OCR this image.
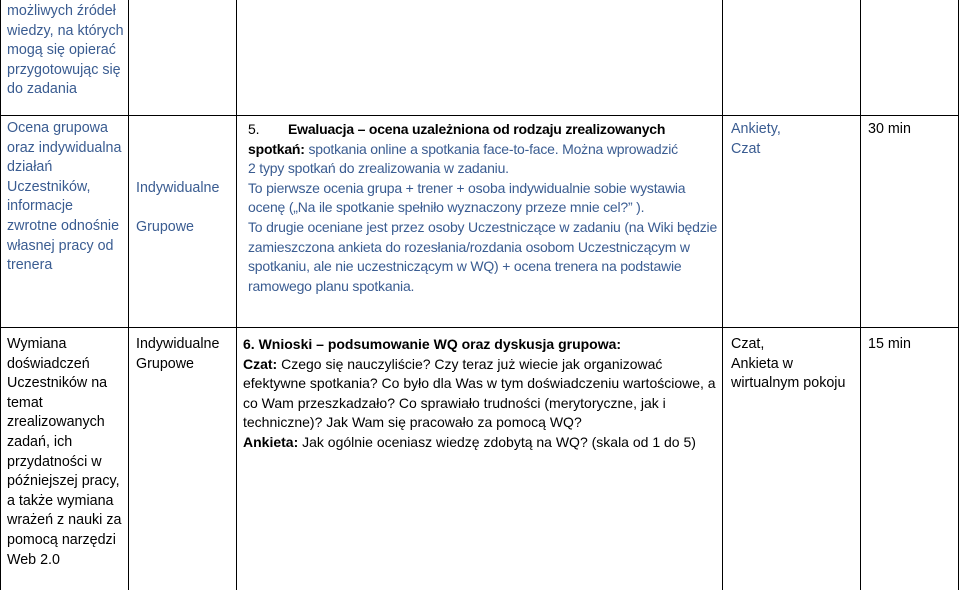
możliwych źródeł wiedzy, na których mogą się opierać przygotowując się do zadania
Ocena grupowa oraz indywidualna działań Uczestników, informacje zwrotne odnośnie własnej pracy od trenera
Indywidualne
Grupowe
5. Ewaluacja – ocena uzależniona od rodzaju zrealizowanych
spotkań: spotkania online a spotkania face-to-face. Można wprowadzić
2 typy spotkań do zrealizowania w zadaniu.
To pierwsze ocenia grupa + trener + osoba indywidualnie sobie wystawia ocenę („Na ile spotkanie spełniło wyznaczony przeze mnie cel?” ).
To drugie oceniane jest przez osoby Uczestniczące w zadaniu (na Wiki będzie zamieszczona ankieta do rozesłania/rozdania osobom Uczestniczącym w spotkaniu, ale nie uczestniczącym w WQ) + ocena trenera na podstawie ramowego planu spotkania.
Ankiety,
Czat
30 min
Wymiana doświadczeń Uczestników na temat zrealizowanych zadań, ich przydatności w późniejszej pracy, a także wymiana wrażeń z nauki za pomocą narzędzi Web 2.0
Indywidualne
Grupowe
6. Wnioski – podsumowanie WQ oraz dyskusja grupowa:
Czat: Czego się nauczyliście? Czy teraz już wiecie jak organizować efektywne spotkania? Co było dla Was w tym doświadczeniu wartościowe, a co Wam przeszkadzało? Co sprawiało trudności (merytoryczne, jak i techniczne)? Jak Wam się pracowało za pomocą WQ?
Ankieta: Jak ogólnie oceniasz wiedzę zdobytą na WQ? (skala od 1 do 5)
Czat,
Ankieta w wirtualnym pokoju
15 min
